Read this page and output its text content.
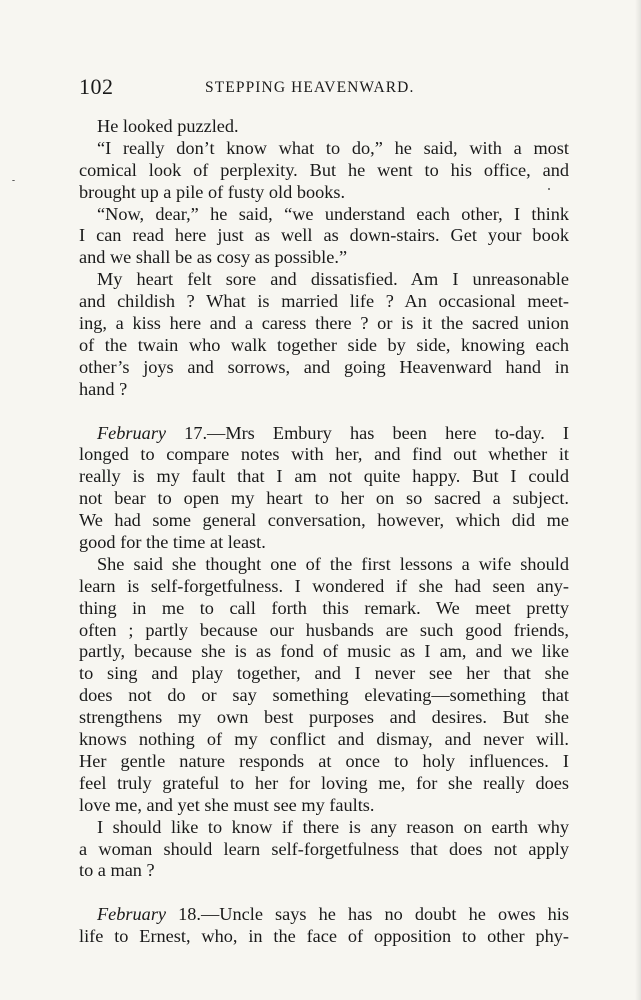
102	STEPPING HEAVENWARD.
He looked puzzled.
“I really don’t know what to do,” he said, with a most
comical look of perplexity. But he went to his office, and
brought up a pile of fusty old books.
“Now, dear,” he said, “we understand each other, I think
I can read here just as well as down-stairs. Get your book
and we shall be as cosy as possible.”
My heart felt sore and dissatisfied. Am I unreasonable
and childish ? What is married life ? An occasional meet-
ing, a kiss here and a caress there ? or is it the sacred union
of the twain who walk together side by side, knowing each
other’s joys and sorrows, and going Heavenward hand in
hand ?
February 17.—Mrs Embury has been here to-day. I
longed to compare notes with her, and find out whether it
really is my fault that I am not quite happy. But I could
not bear to open my heart to her on so sacred a subject.
We had some general conversation, however, which did me
good for the time at least.
She said she thought one of the first lessons a wife should
learn is self-forgetfulness. I wondered if she had seen any-
thing in me to call forth this remark. We meet pretty
often ; partly because our husbands are such good friends,
partly, because she is as fond of music as I am, and we like
to sing and play together, and I never see her that she
does not do or say something elevating—something that
strengthens my own best purposes and desires. But she
knows nothing of my conflict and dismay, and never will.
Her gentle nature responds at once to holy influences. I
feel truly grateful to her for loving me, for she really does
love me, and yet she must see my faults.
I should like to know if there is any reason on earth why
a woman should learn self-forgetfulness that does not apply
to a man ?
February 18.—Uncle says he has no doubt he owes his
life to Ernest, who, in the face of opposition to other phy-
